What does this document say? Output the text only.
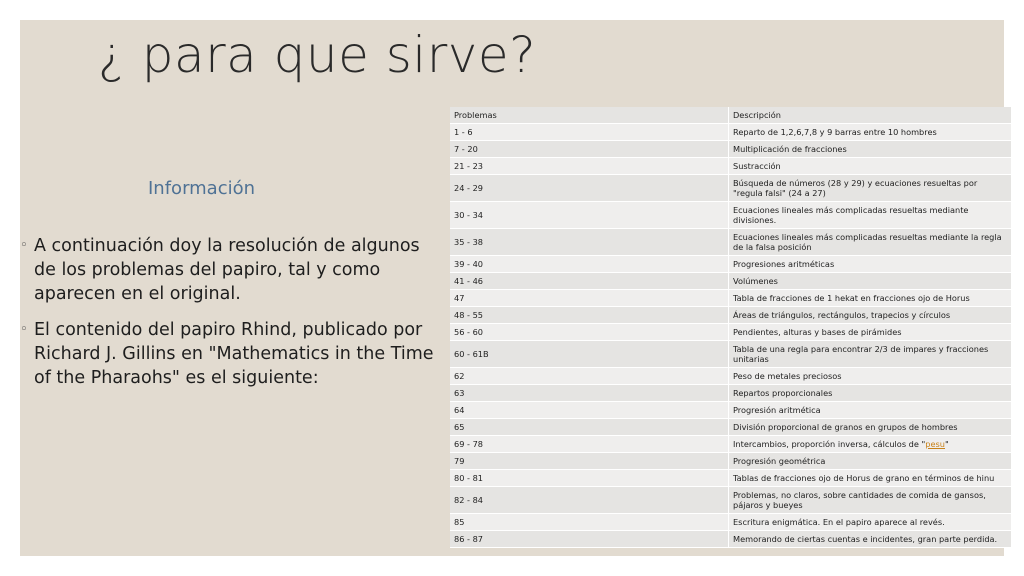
¿ para que sirve?
Información
◦ A continuación doy la resolución de algunos de los problemas del papiro, tal y como aparecen en el original.
◦ El contenido del papiro Rhind, publicado por Richard J. Gillins en "Mathematics in the Time of the Pharaohs" es el siguiente:
Problemas	Descripción
1 - 6	Reparto de 1,2,6,7,8 y 9 barras entre 10 hombres
7 - 20	Multiplicación de fracciones
21 - 23	Sustracción
24 - 29	Búsqueda de números (28 y 29) y ecuaciones resueltas por "regula falsi" (24 a 27)
30 - 34	Ecuaciones lineales más complicadas resueltas mediante divisiones.
35 - 38	Ecuaciones lineales más complicadas resueltas mediante la regla de la falsa posición
39 - 40	Progresiones aritméticas
41 - 46	Volúmenes
47	Tabla de fracciones de 1 hekat en fracciones ojo de Horus
48 - 55	Áreas de triángulos, rectángulos, trapecios y círculos
56 - 60	Pendientes, alturas y bases de pirámides
60 - 61B	Tabla de una regla para encontrar 2/3 de impares y fracciones unitarias
62	Peso de metales preciosos
63	Repartos proporcionales
64	Progresión aritmética
65	División proporcional de granos en grupos de hombres
69 - 78	Intercambios, proporción inversa, cálculos de "pesu"
79	Progresión geométrica
80 - 81	Tablas de fracciones ojo de Horus de grano en términos de hinu
82 - 84	Problemas, no claros, sobre cantidades de comida de gansos, pájaros y bueyes
85	Escritura enigmática. En el papiro aparece al revés.
86 - 87	Memorando de ciertas cuentas e incidentes, gran parte perdida.
